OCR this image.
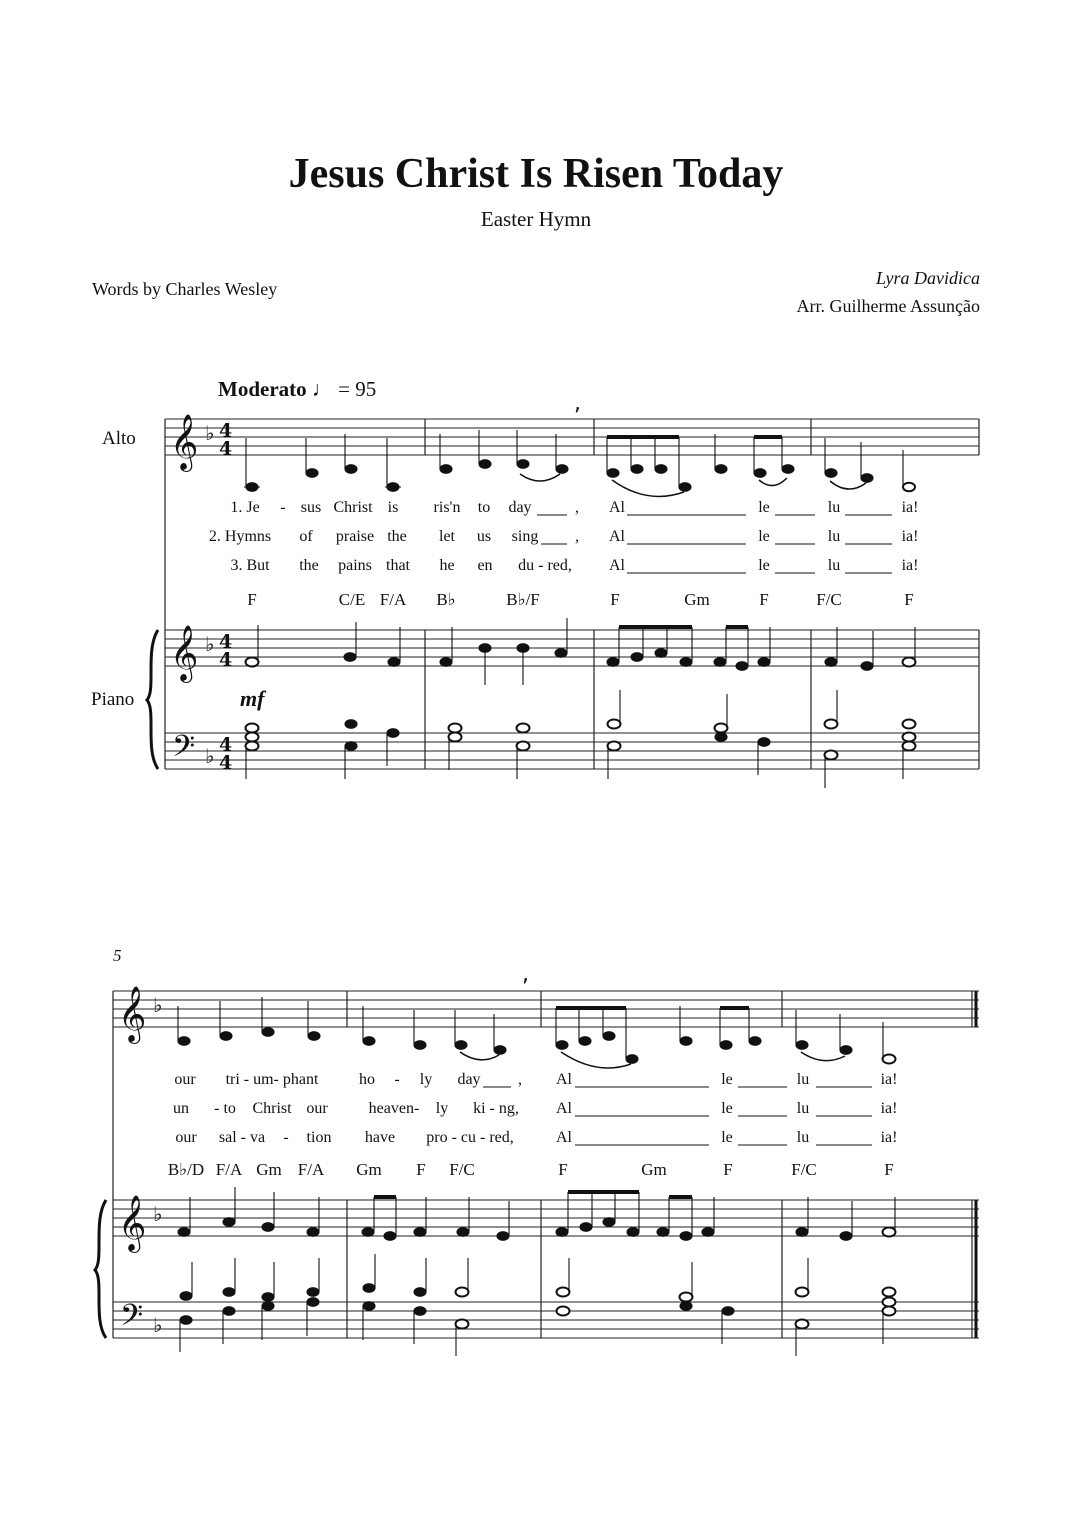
Jesus Christ Is Risen Today
Easter Hymn
Words by Charles Wesley
Lyra Davidica
Arr. Guilherme Assunção
Moderato ♩ = 95
Alto
Piano	mf
5
1. Je - sus Christ is ris'n to day	, Al	le	lu	ia!
2. Hymns of praise the let us sing , Al	le	lu	ia!
3. But the pains that he en du - red, Al	le	lu	ia!
F	C/E F/A B♭	B♭/F	F	Gm	F	F/C	F
our tri - um- phant	ho - ly day , Al	le	lu	ia!
un - to Christ our	heaven- ly ki - ng, Al	le	lu	ia!
our sal - va - tion have pro - cu - red,	Al	le	lu	ia!
B♭/D F/A Gm F/A Gm F F/C	F	Gm	F	F/C	F
𝄞
𝄞
𝄢
𝄞
𝄞
𝄢
♭
♭
♭
♭
♭
♭
4
4
4
4
4
4
,
,
